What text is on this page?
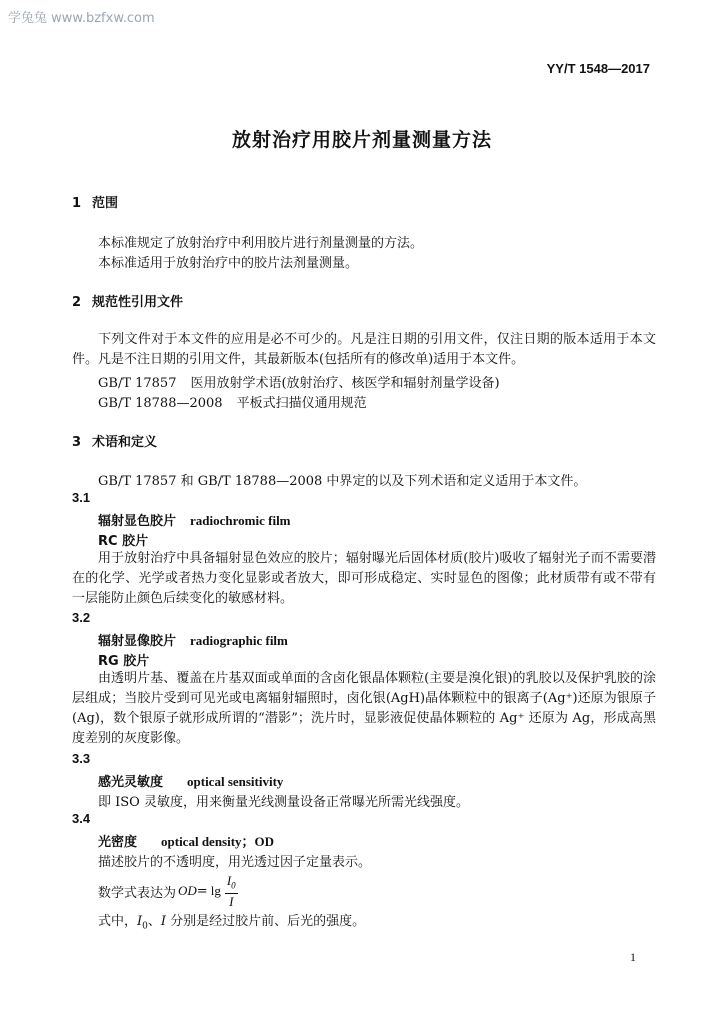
学兔兔 www.bzfxw.com
YY/T 1548—2017
放射治疗用胶片剂量测量方法
1 范围
本标准规定了放射治疗中利用胶片进行剂量测量的方法。
本标准适用于放射治疗中的胶片法剂量测量。
2 规范性引用文件
下列文件对于本文件的应用是必不可少的。凡是注日期的引用文件，仅注日期的版本适用于本文件。凡是不注日期的引用文件，其最新版本(包括所有的修改单)适用于本文件。
GB/T 17857 医用放射学术语(放射治疗、核医学和辐射剂量学设备)
GB/T 18788—2008 平板式扫描仪通用规范
3 术语和定义
GB/T 17857 和 GB/T 18788—2008 中界定的以及下列术语和定义适用于本文件。
3.1
辐射显色胶片 radiochromic film
RC 胶片
用于放射治疗中具备辐射显色效应的胶片；辐射曝光后固体材质(胶片)吸收了辐射光子而不需要潜在的化学、光学或者热力变化显影或者放大，即可形成稳定、实时显色的图像；此材质带有或不带有一层能防止颜色后续变化的敏感材料。
3.2
辐射显像胶片 radiographic film
RG 胶片
由透明片基、覆盖在片基双面或单面的含卤化银晶体颗粒(主要是溴化银)的乳胶以及保护乳胶的涂层组成；当胶片受到可见光或电离辐射辐照时，卤化银(AgH)晶体颗粒中的银离子(Ag⁺)还原为银原子(Ag)，数个银原子就形成所谓的“潜影”；洗片时，显影液促使晶体颗粒的 Ag⁺ 还原为 Ag，形成高黑度差别的灰度影像。
3.3
感光灵敏度 optical sensitivity
即 ISO 灵敏度，用来衡量光线测量设备正常曝光所需光线强度。
3.4
光密度 optical density；OD
描述胶片的不透明度，用光透过因子定量表示。
数学式表达为 OD = $\lg \frac{I_0}{I}$
式中，$I_0$、I 分别是经过胶片前、后光的强度。
1
